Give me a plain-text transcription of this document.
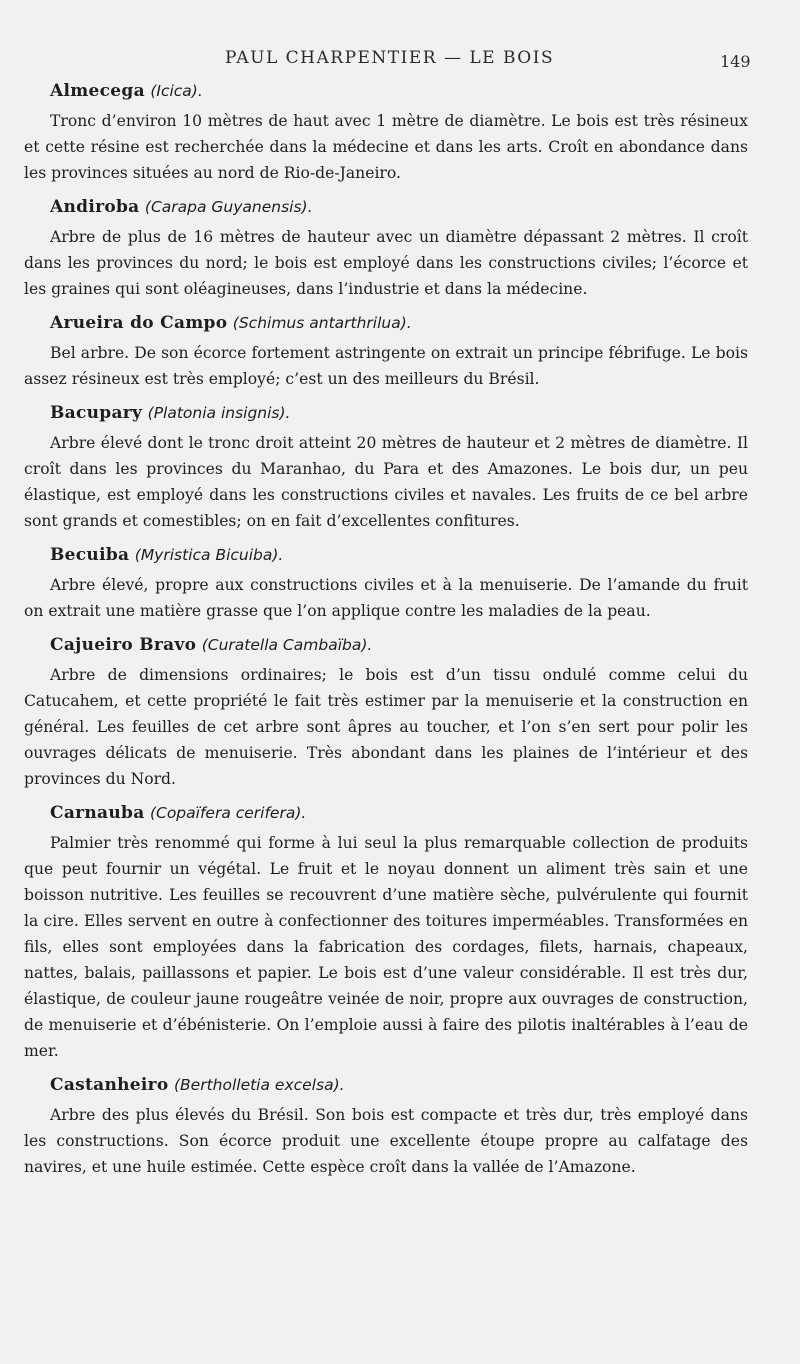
PAUL CHARPENTIER — LE BOIS	149

Almecega (Icica).

Tronc d’environ 10 mètres de haut avec 1 mètre de diamètre. Le bois est très résineux et cette résine est recherchée dans la médecine et dans les arts. Croît en abondance dans les provinces situées au nord de Rio-de-Janeiro.

Andiroba (Carapa Guyanensis).

Arbre de plus de 16 mètres de hauteur avec un diamètre dépassant 2 mètres. Il croît dans les provinces du nord; le bois est employé dans les constructions civiles; l’écorce et les graines qui sont oléagineuses, dans l’industrie et dans la médecine.

Arueira do Campo (Schimus antarthrilua).

Bel arbre. De son écorce fortement astringente on extrait un principe fébrifuge. Le bois assez résineux est très employé; c’est un des meilleurs du Brésil.

Bacupary (Platonia insignis).

Arbre élevé dont le tronc droit atteint 20 mètres de hauteur et 2 mètres de diamètre. Il croît dans les provinces du Maranhao, du Para et des Amazones. Le bois dur, un peu élastique, est employé dans les constructions civiles et navales. Les fruits de ce bel arbre sont grands et comestibles; on en fait d’excellentes confitures.

Becuiba (Myristica Bicuiba).

Arbre élevé, propre aux constructions civiles et à la menuiserie. De l’amande du fruit on extrait une matière grasse que l’on applique contre les maladies de la peau.

Cajueiro Bravo (Curatella Cambaïba).

Arbre de dimensions ordinaires; le bois est d’un tissu ondulé comme celui du Catucahem, et cette propriété le fait très estimer par la menuiserie et la construction en général. Les feuilles de cet arbre sont âpres au toucher, et l’on s’en sert pour polir les ouvrages délicats de menuiserie. Très abondant dans les plaines de l’intérieur et des provinces du Nord.

Carnauba (Copaïfera cerifera).

Palmier très renommé qui forme à lui seul la plus remarquable collection de produits que peut fournir un végétal. Le fruit et le noyau donnent un aliment très sain et une boisson nutritive. Les feuilles se recouvrent d’une matière sèche, pulvérulente qui fournit la cire. Elles servent en outre à confectionner des toitures imperméables. Transformées en fils, elles sont employées dans la fabrication des cordages, filets, harnais, chapeaux, nattes, balais, paillassons et papier. Le bois est d’une valeur considérable. Il est très dur, élastique, de couleur jaune rougeâtre veinée de noir, propre aux ouvrages de construction, de menuiserie et d’ébénisterie. On l’emploie aussi à faire des pilotis inaltérables à l’eau de mer.

Castanheiro (Bertholletia excelsa).

Arbre des plus élevés du Brésil. Son bois est compacte et très dur, très employé dans les constructions. Son écorce produit une excellente étoupe propre au calfatage des navires, et une huile estimée. Cette espèce croît dans la vallée de l’Amazone.
